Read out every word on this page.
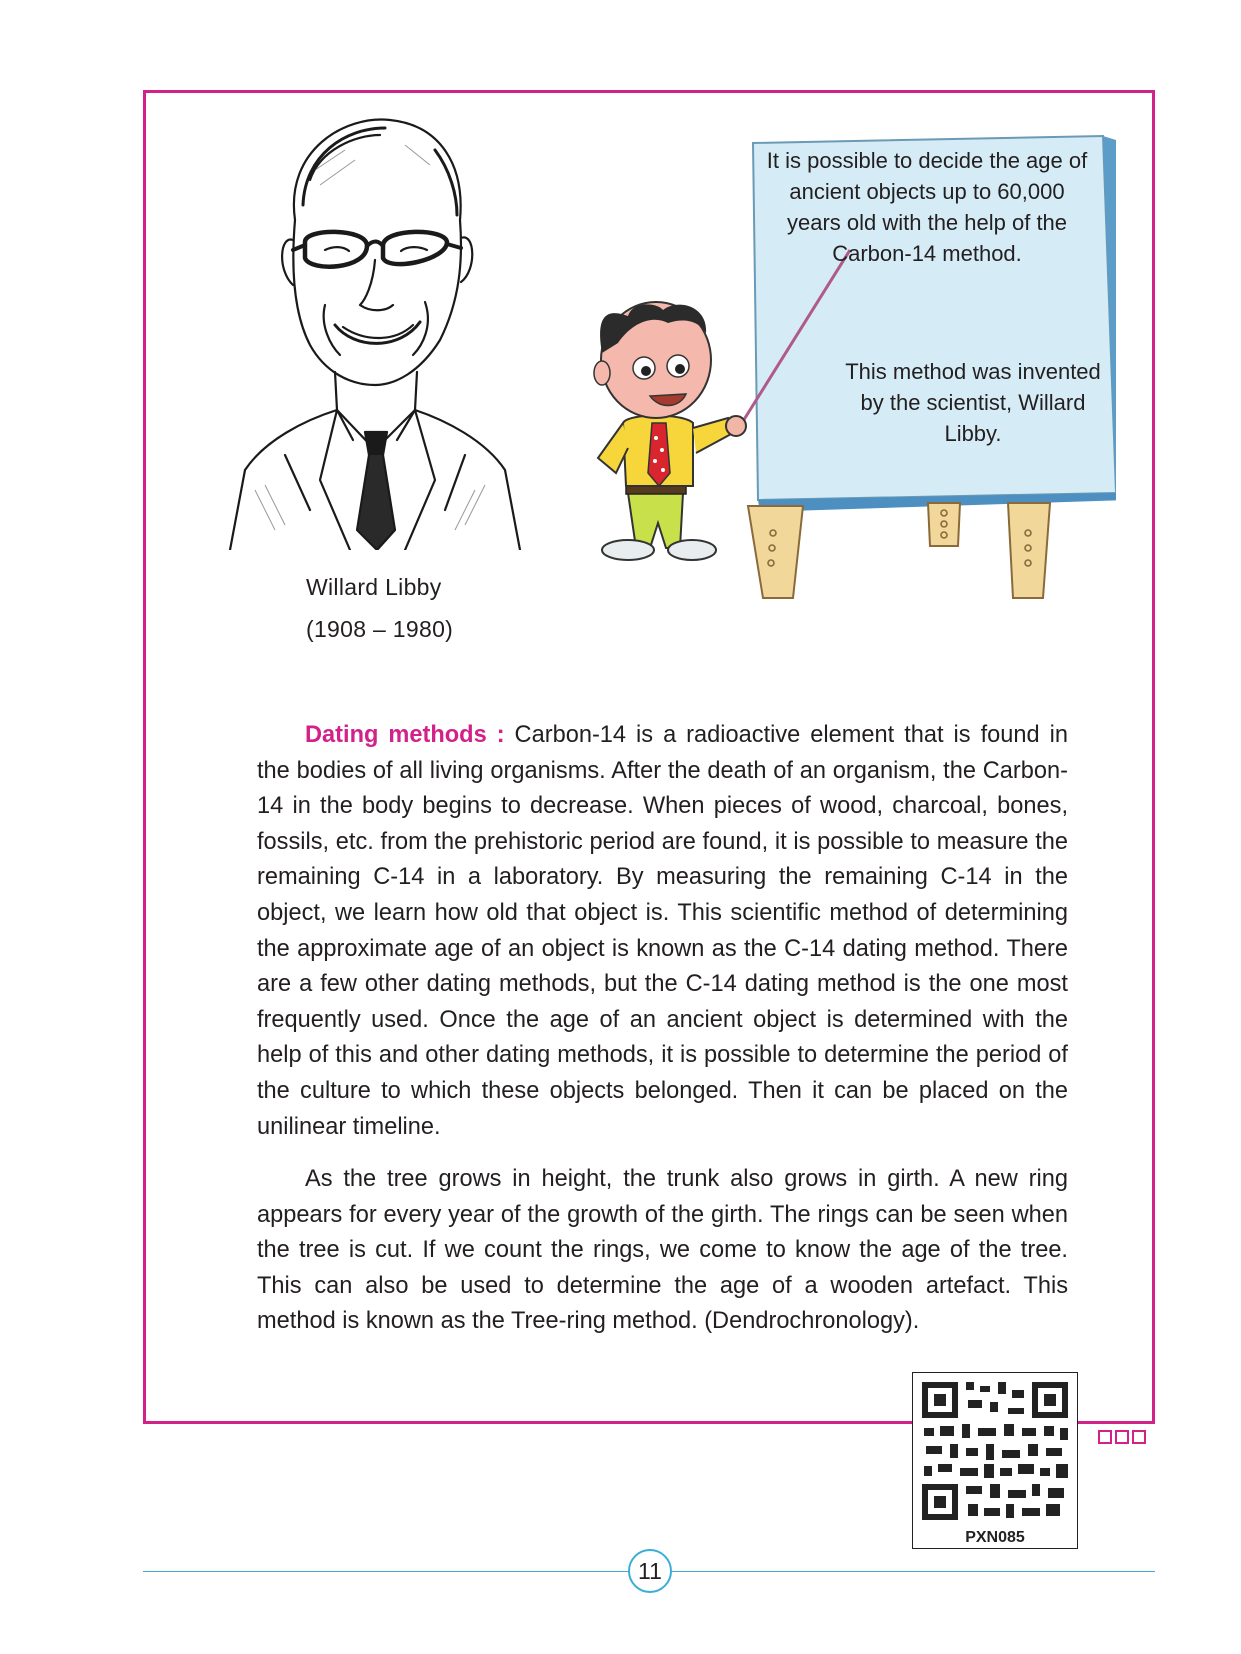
Willard Libby
(1908 – 1980)
It is possible to decide the age of ancient objects up to 60,000 years old with the help of the Carbon-14 method.
This method was invented by the scientist, Willard Libby.
Dating methods : Carbon-14 is a radioactive element that is found in the bodies of all living organisms. After the death of an organism, the Carbon-14 in the body begins to decrease. When pieces of wood, charcoal, bones, fossils, etc. from the prehistoric period are found, it is possible to measure the remaining C-14 in a laboratory. By measuring the remaining C-14 in the object, we learn how old that object is. This scientific method of determining the approximate age of an object is known as the C-14 dating method. There are a few other dating methods, but the C-14 dating method is the one most frequently used. Once the age of an ancient object is determined with the help of this and other dating methods, it is possible to determine the period of the culture to which these objects belonged. Then it can be placed on the unilinear timeline.
As the tree grows in height, the trunk also grows in girth. A new ring appears for every year of the growth of the girth. The rings can be seen when the tree is cut. If we count the rings, we come to know the age of the tree. This can also be used to determine the age of a wooden artefact. This method is known as the Tree-ring method. (Dendrochronology).
PXN085
11
